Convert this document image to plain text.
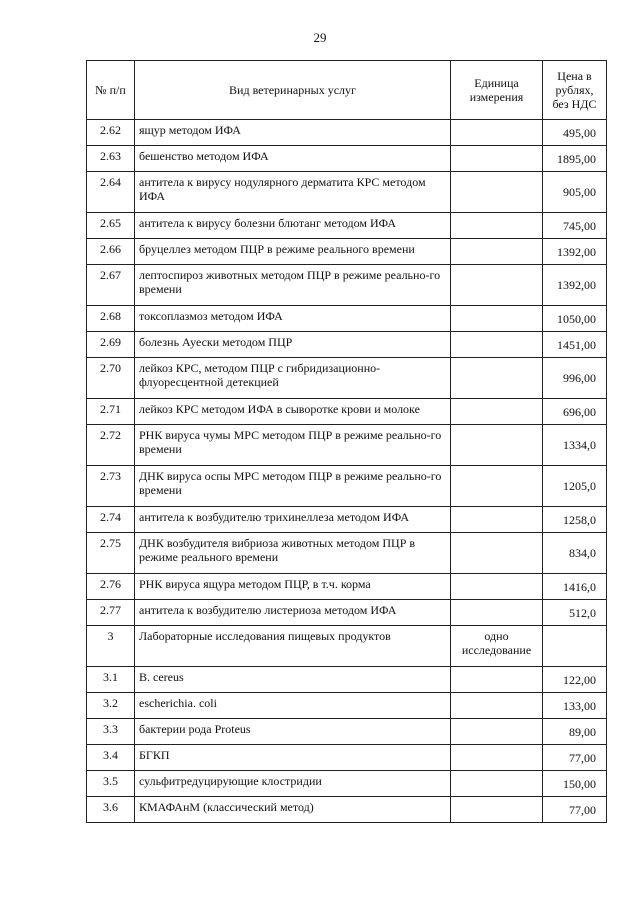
29
№ п/п	Вид ветеринарных услуг	Единица измерения	Цена в рублях, без НДС
2.62	ящур методом ИФА		495,00
2.63	бешенство методом ИФА		1895,00
2.64	антитела к вирусу нодулярного дерматита КРС методом ИФА		905,00
2.65	антитела к вирусу болезни блютанг методом ИФА		745,00
2.66	бруцеллез методом ПЦР в режиме реального времени		1392,00
2.67	лептоспироз животных методом ПЦР в режиме реально-го времени		1392,00
2.68	токсоплазмоз методом ИФА		1050,00
2.69	болезнь Ауески методом ПЦР		1451,00
2.70	лейкоз КРС, методом ПЦР с гибридизационно-флуоресцентной детекцией		996,00
2.71	лейкоз КРС методом ИФА в сыворотке крови и молоке		696,00
2.72	РНК вируса чумы МРС методом ПЦР в режиме реально-го времени		1334,0
2.73	ДНК вируса оспы МРС методом ПЦР в режиме реально-го времени		1205,0
2.74	антитела к возбудителю трихинеллеза методом ИФА		1258,0
2.75	ДНК возбудителя вибриоза животных методом ПЦР в режиме реального времени		834,0
2.76	РНК вируса ящура методом ПЦР, в т.ч. корма		1416,0
2.77	антитела к возбудителю листериоза методом ИФА		512,0
3	Лабораторные исследования пищевых продуктов	одно исследование	
3.1	B. cereus		122,00
3.2	escherichia. coli		133,00
3.3	бактерии рода Proteus		89,00
3.4	БГКП		77,00
3.5	сульфитредуцирующие клостридии		150,00
3.6	КМАФАнМ (классический метод)		77,00
